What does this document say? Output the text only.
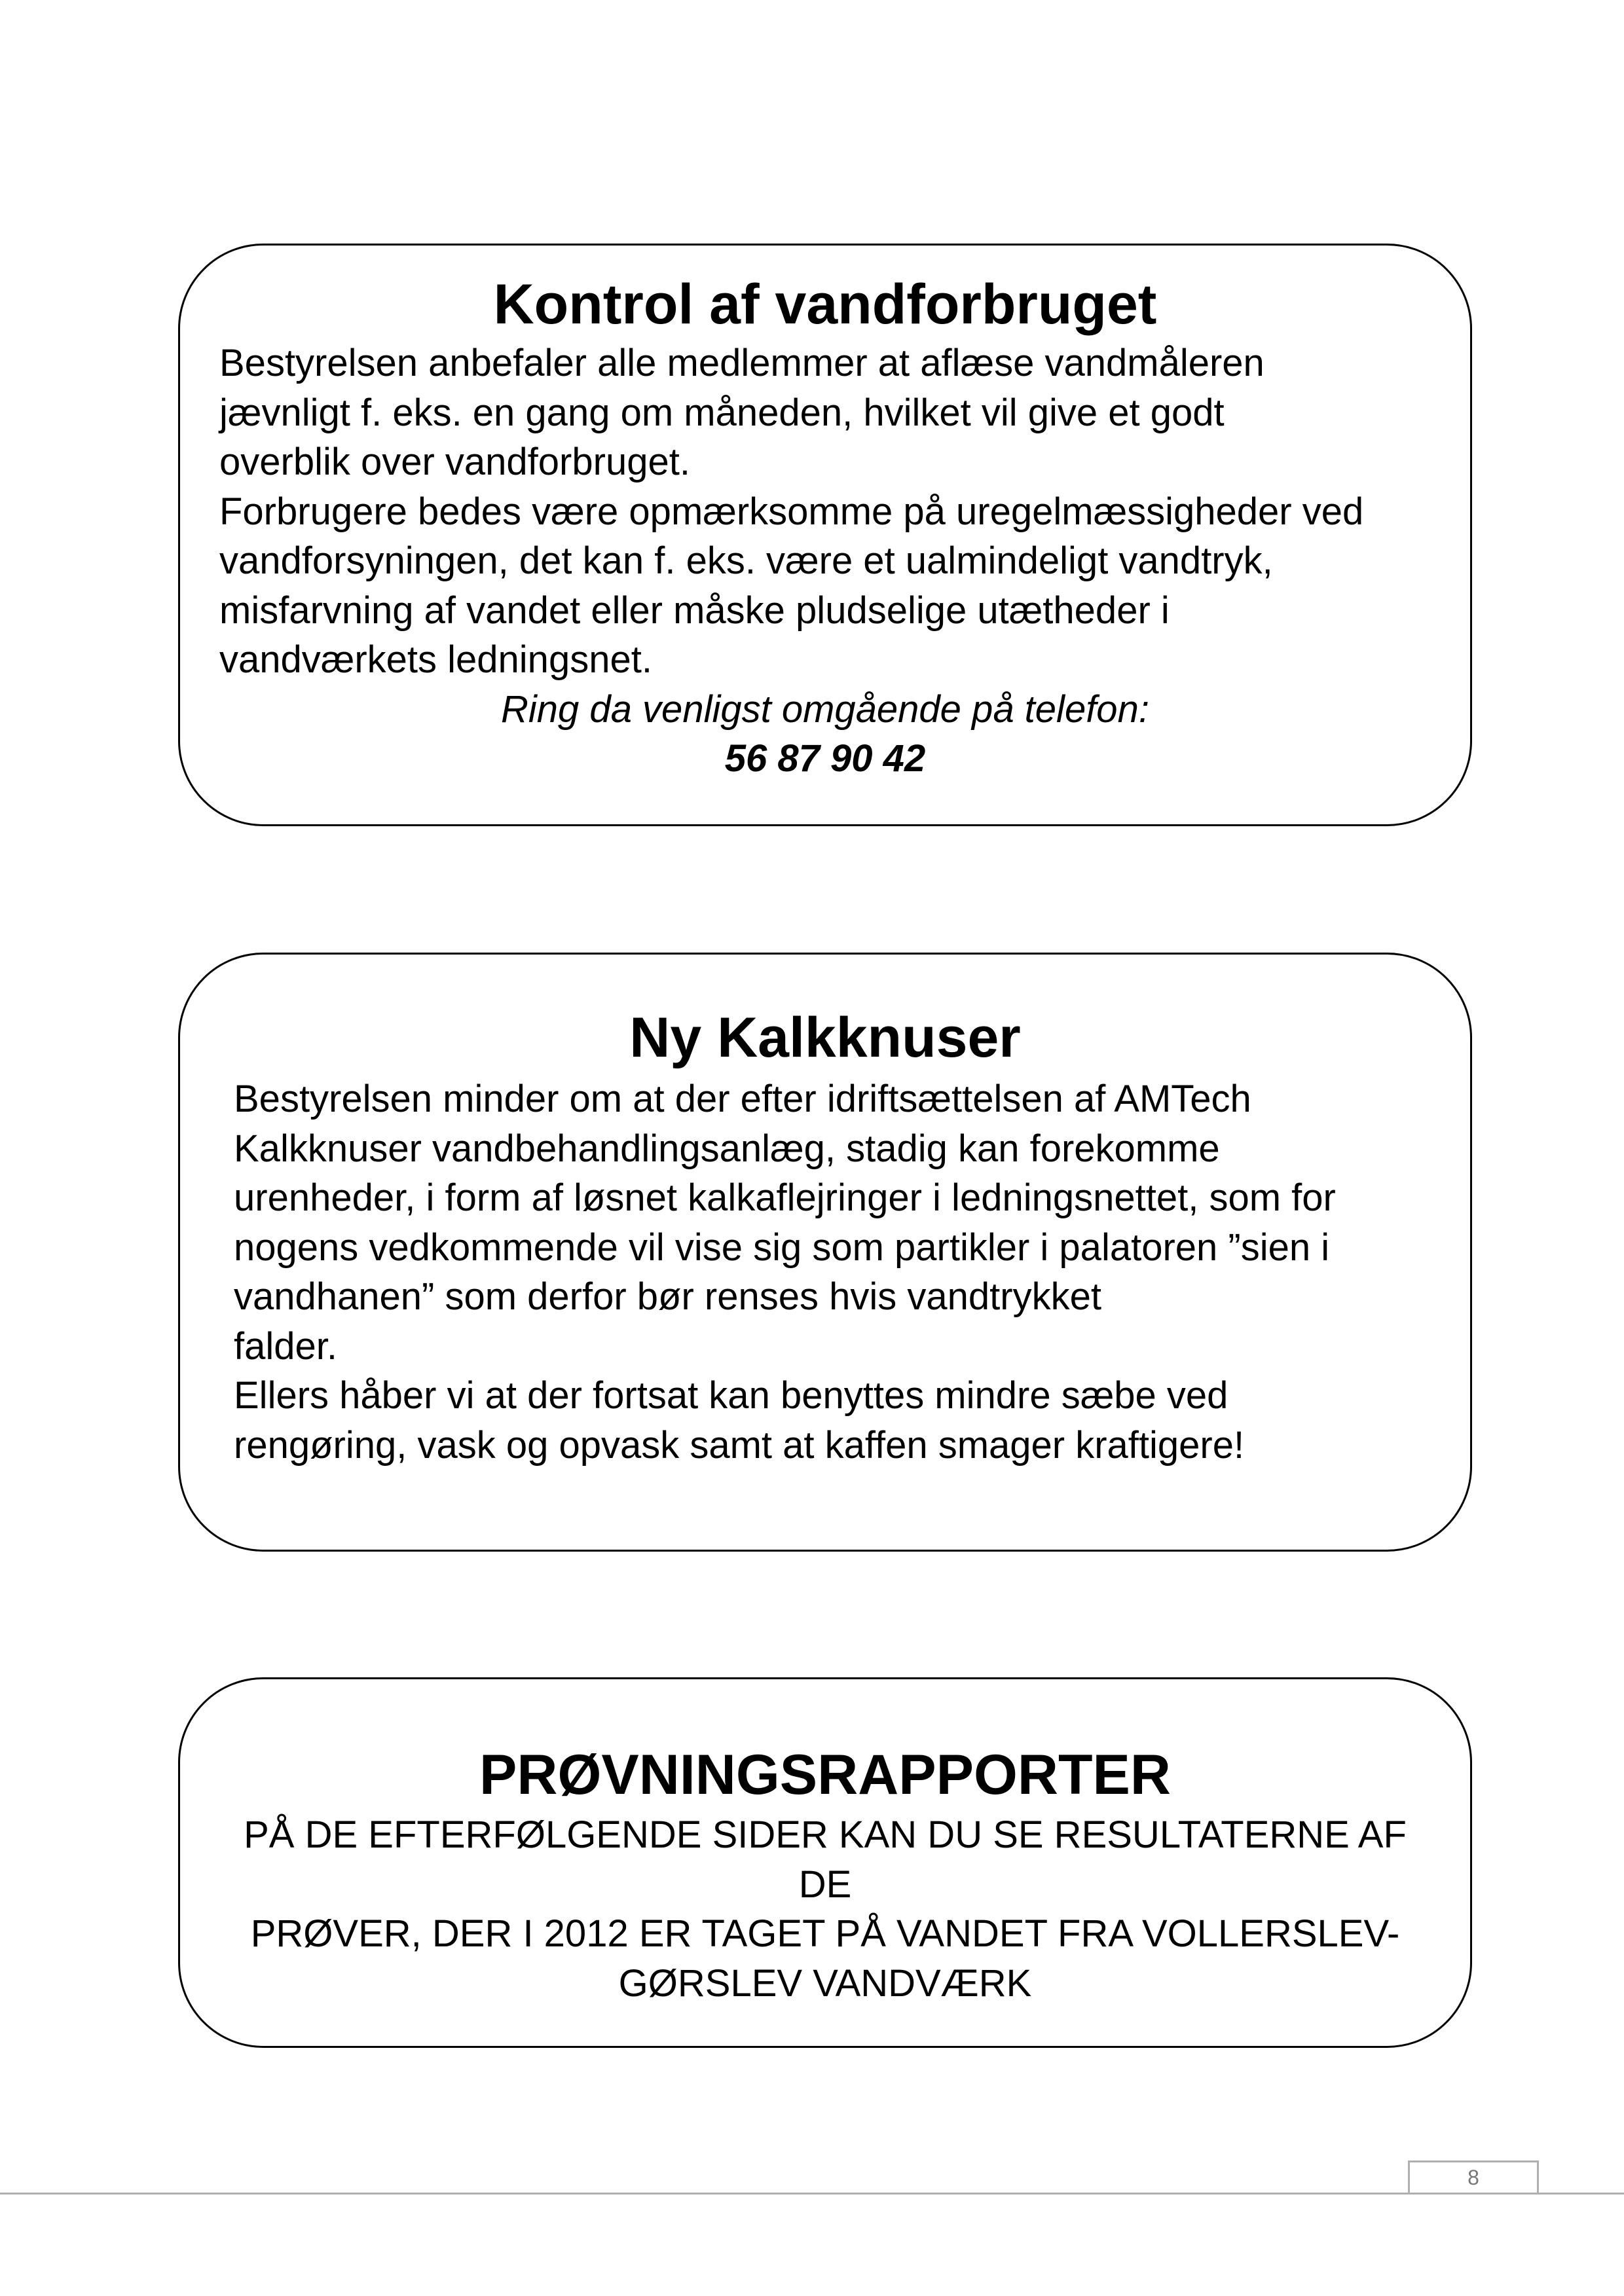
Kontrol af vandforbruget

Bestyrelsen anbefaler alle medlemmer at aflæse vandmåleren

jævnligt f. eks. en gang om måneden, hvilket vil give et godt

overblik over vandforbruget.

Forbrugere bedes være opmærksomme på uregelmæssigheder ved

vandforsyningen, det kan f. eks. være et ualmindeligt vandtryk,

misfarvning af vandet eller måske pludselige utætheder i

vandværkets ledningsnet.

Ring da venligst omgående på telefon:

56 87 90 42

Ny Kalkknuser

Bestyrelsen minder om at der efter idriftsættelsen af AMTech

Kalkknuser vandbehandlingsanlæg, stadig kan forekomme

urenheder, i form af løsnet kalkaflejringer i ledningsnettet, som for

nogens vedkommende vil vise sig som partikler i palatoren ”sien i

vandhanen” som derfor bør renses hvis vandtrykket

falder.

Ellers håber vi at der fortsat kan benyttes mindre sæbe ved

rengøring, vask og opvask samt at kaffen smager kraftigere!

PRØVNINGSRAPPORTER

PÅ DE EFTERFØLGENDE SIDER KAN DU SE RESULTATERNE AF DE

PRØVER, DER I 2012 ER TAGET PÅ VANDET FRA VOLLERSLEV-

GØRSLEV VANDVÆRK

8
